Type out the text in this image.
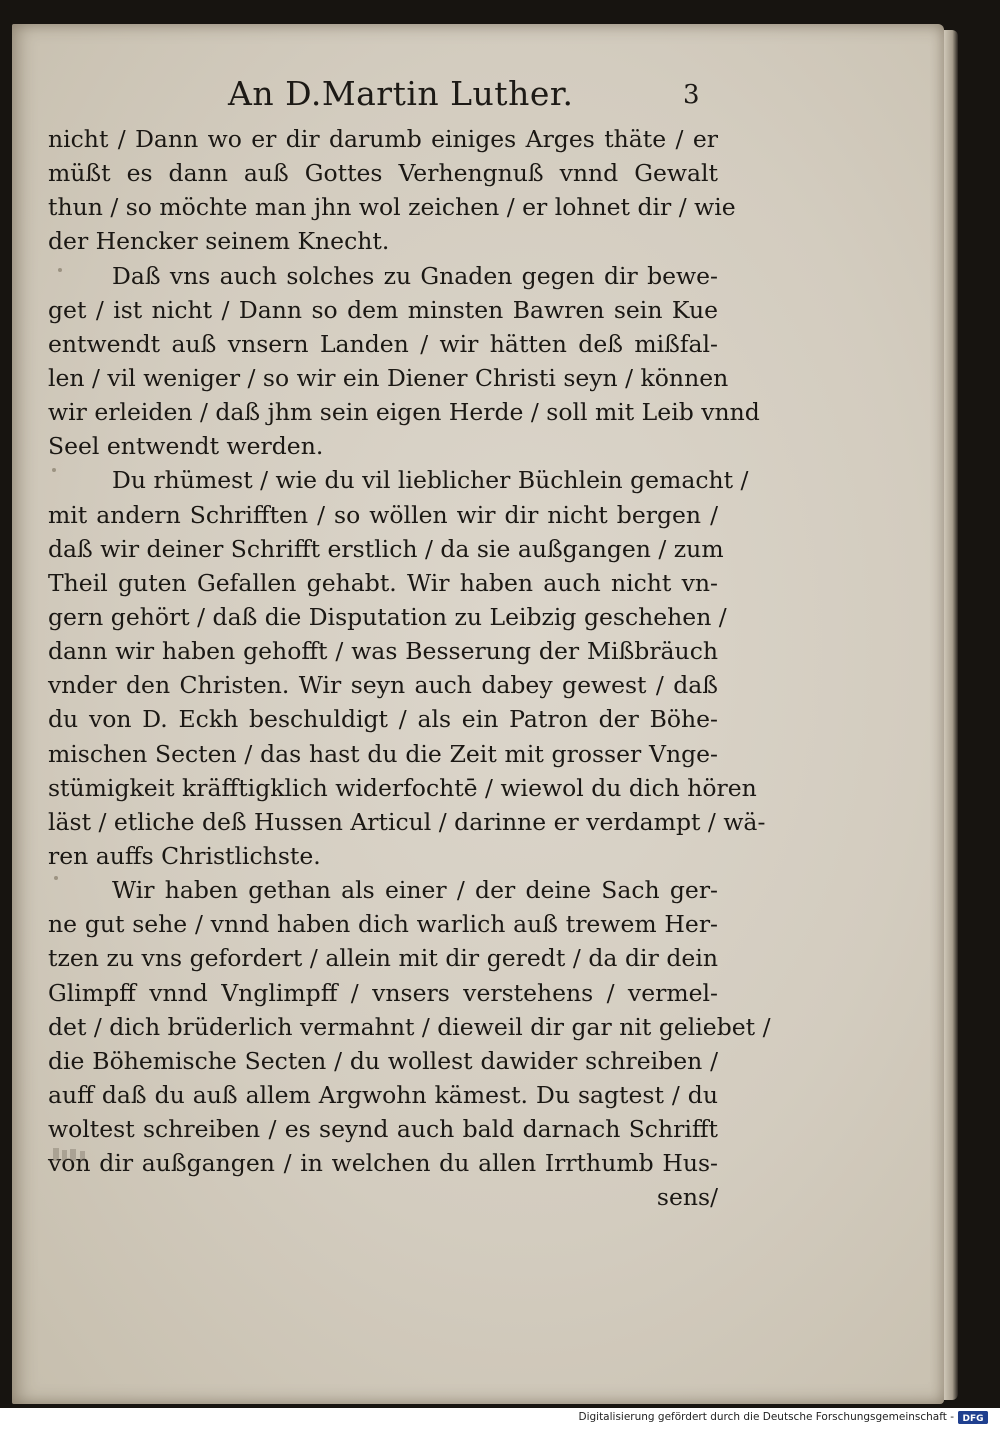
An D.Martin Luther.	3
nicht / Dann wo er dir darumb einiges Arges thäte / er
müßt es dann auß Gottes Verhengnuß vnnd Gewalt
thun / so möchte man jhn wol zeichen / er lohnet dir / wie
der Hencker seinem Knecht.
Daß vns auch solches zu Gnaden gegen dir bewe-
get / ist nicht / Dann so dem minsten Bawren sein Kue
entwendt auß vnsern Landen / wir hätten deß mißfal-
len / vil weniger / so wir ein Diener Christi seyn / können
wir erleiden / daß jhm sein eigen Herde / soll mit Leib vnnd
Seel entwendt werden.
Du rhümest / wie du vil lieblicher Büchlein gemacht /
mit andern Schrifften / so wöllen wir dir nicht bergen /
daß wir deiner Schrifft erstlich / da sie außgangen / zum
Theil guten Gefallen gehabt. Wir haben auch nicht vn-
gern gehört / daß die Disputation zu Leibzig geschehen /
dann wir haben gehofft / was Besserung der Mißbräuch
vnder den Christen. Wir seyn auch dabey gewest / daß
du von D. Eckh beschuldigt / als ein Patron der Böhe-
mischen Secten / das hast du die Zeit mit grosser Vnge-
stümigkeit kräfftigklich widerfochtē / wiewol du dich hören
läst / etliche deß Hussen Articul / darinne er verdampt / wä-
ren auffs Christlichste.
Wir haben gethan als einer / der deine Sach ger-
ne gut sehe / vnnd haben dich warlich auß trewem Her-
tzen zu vns gefordert / allein mit dir geredt / da dir dein
Glimpff vnnd Vnglimpff / vnsers verstehens / vermel-
det / dich brüderlich vermahnt / dieweil dir gar nit geliebet /
die Böhemische Secten / du wollest dawider schreiben /
auff daß du auß allem Argwohn kämest. Du sagtest / du
woltest schreiben / es seynd auch bald darnach Schrifft
von dir außgangen / in welchen du allen Irrthumb Hus-
sens/
Digitalisierung gefördert durch die Deutsche Forschungsgemeinschaft - DFG
